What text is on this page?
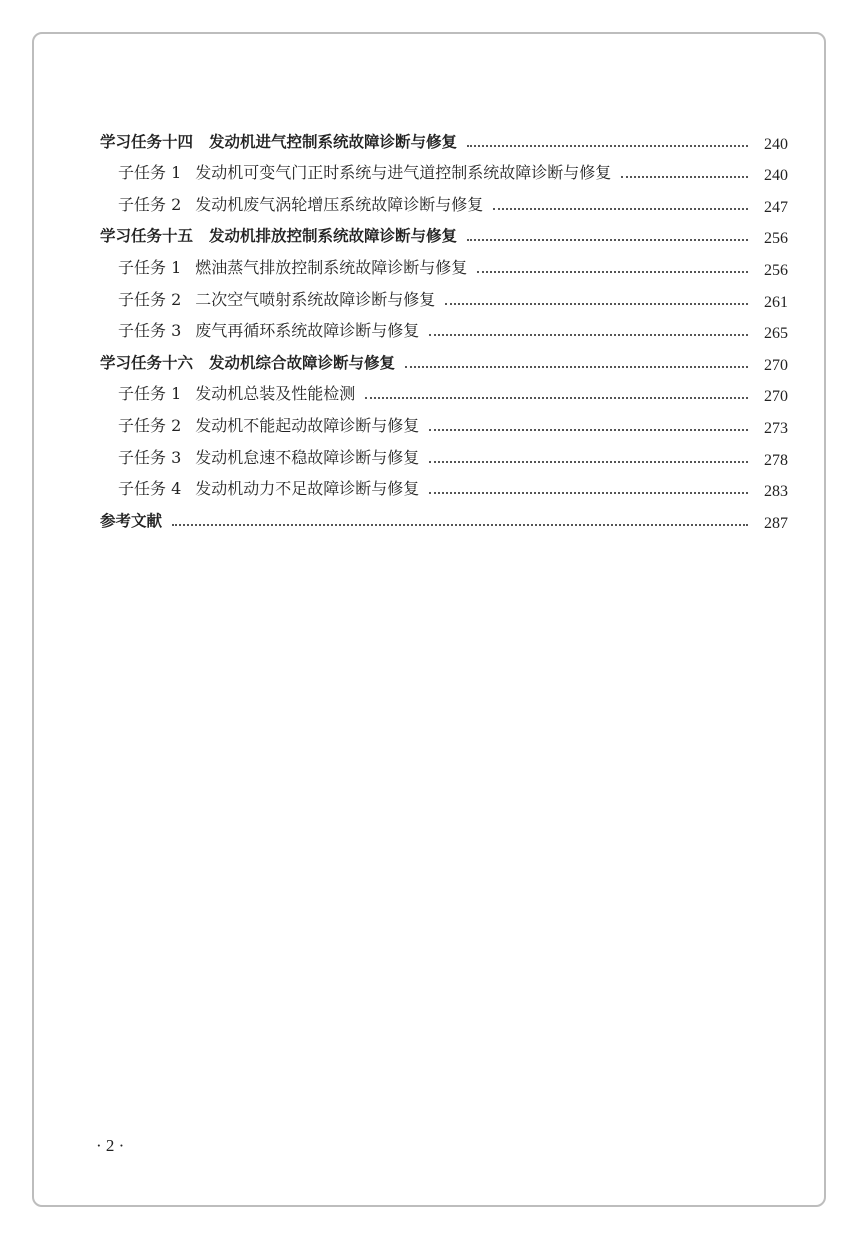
学习任务十四 发动机进气控制系统故障诊断与修复	240
子任务 1 发动机可变气门正时系统与进气道控制系统故障诊断与修复	240
子任务 2 发动机废气涡轮增压系统故障诊断与修复	247
学习任务十五 发动机排放控制系统故障诊断与修复	256
子任务 1 燃油蒸气排放控制系统故障诊断与修复	256
子任务 2 二次空气喷射系统故障诊断与修复	261
子任务 3 废气再循环系统故障诊断与修复	265
学习任务十六 发动机综合故障诊断与修复	270
子任务 1 发动机总装及性能检测	270
子任务 2 发动机不能起动故障诊断与修复	273
子任务 3 发动机怠速不稳故障诊断与修复	278
子任务 4 发动机动力不足故障诊断与修复	283
参考文献	287
· 2 ·
